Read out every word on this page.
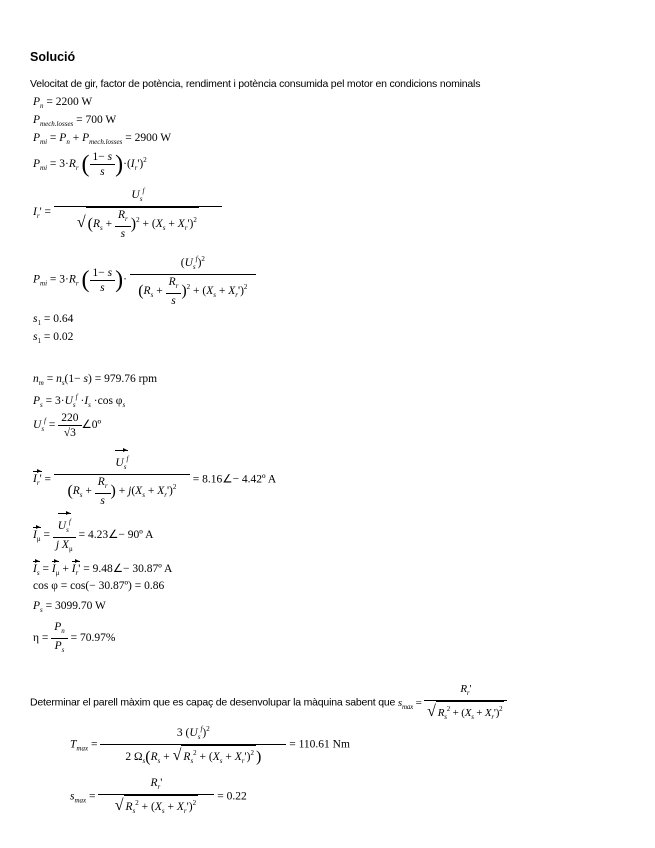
Solució
Velocitat de gir, factor de potència, rendiment i potència consumida pel motor en condicions nominals
$P_n = 2200$ W
$P_{mech.losses} = 700$ W
$P_{mi} = P_n + P_{mech.losses} = 2900$ W
$P_{mi} = 3\cdot R_r$ ( $\frac{1- s}{s} )\cdot(I_r')^2$
$I_r' = \frac{U_s^f}{√ (R_s + \frac{R_r}{s} )^2 + (X_s + X_r')^2}$
$P_{mi} = 3\cdot R_r$ ( $\frac{1- s}{s}$ )· $\frac{(U_s^f)^2}{(R_s + \frac{R_r}{s} )^2 + (X_s + X_r')^2}$
$s_1 = 0.64$
$s_1 = 0.02$
$n_m = n_s(1- s) = 979.76$ rpm
$P_s = 3\cdot U_s^f \cdot I_s \cdot\cos$ $\varphi_s$
$U_s^f = \frac{220}{√3}$ ∠0º
$I_r' = \frac{U_s^f}{(R_s + \frac{R_r}{s} ) + j(X_s + X_r')^2}$ = 8.16∠− 4.42º A
$I_\mu = \frac{U_s^f}{j X_\mu}$ = 4.23∠− 90º A
$I_s = I_\mu + I_r'$ = 9.48∠− 30.87º A
cos φ = cos(− 30.87º) = 0.86
$P_s = 3099.70$ W
$\eta = \frac{P_n}{P_s} = 70.97\%$
Determinar el parell màxim que es capaç de desenvolupar la màquina sabent que $s_{max} = \frac{R_r'}{√ R_s^2 + (X_s + X_r')^2}$
$T_{max} = \frac{3 (U_s^f)^2}{2 \Omega_s(R_s + √ R_s^2 + (X_s + X_r')^2 )} = 110.61$ Nm
$s_{max} = \frac{R_r'}{√ R_s^2 + (X_s + X_r')^2} = 0.22$
